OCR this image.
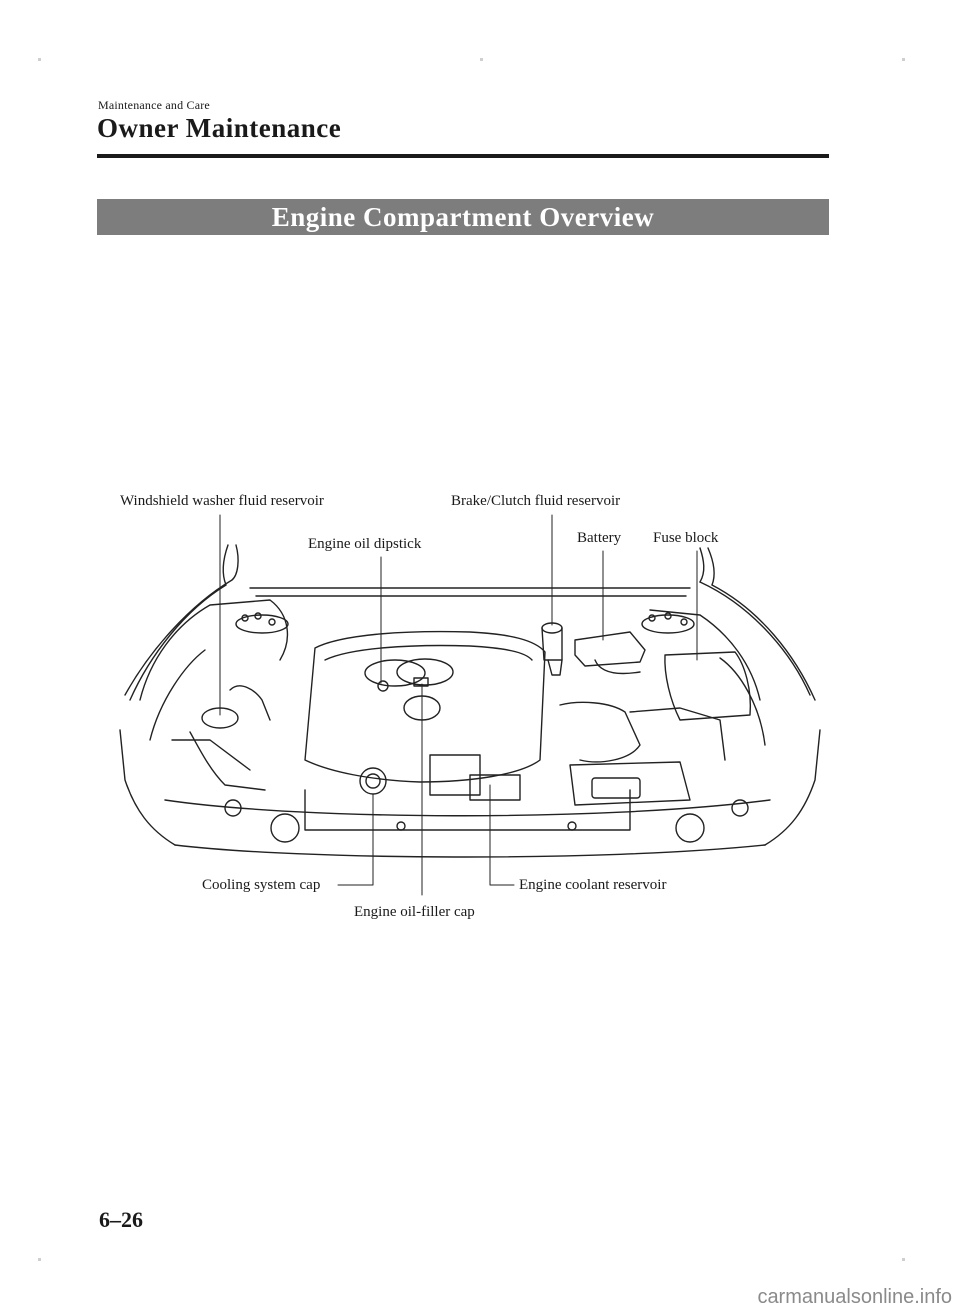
Maintenance and Care
Owner Maintenance
Engine Compartment Overview
Windshield washer fluid reservoir	Brake/Clutch fluid reservoir
Engine oil dipstick	Battery Fuse block
Cooling system cap
Engine oil-filler cap
Engine coolant reservoir
6–26
carmanualsonline.info
